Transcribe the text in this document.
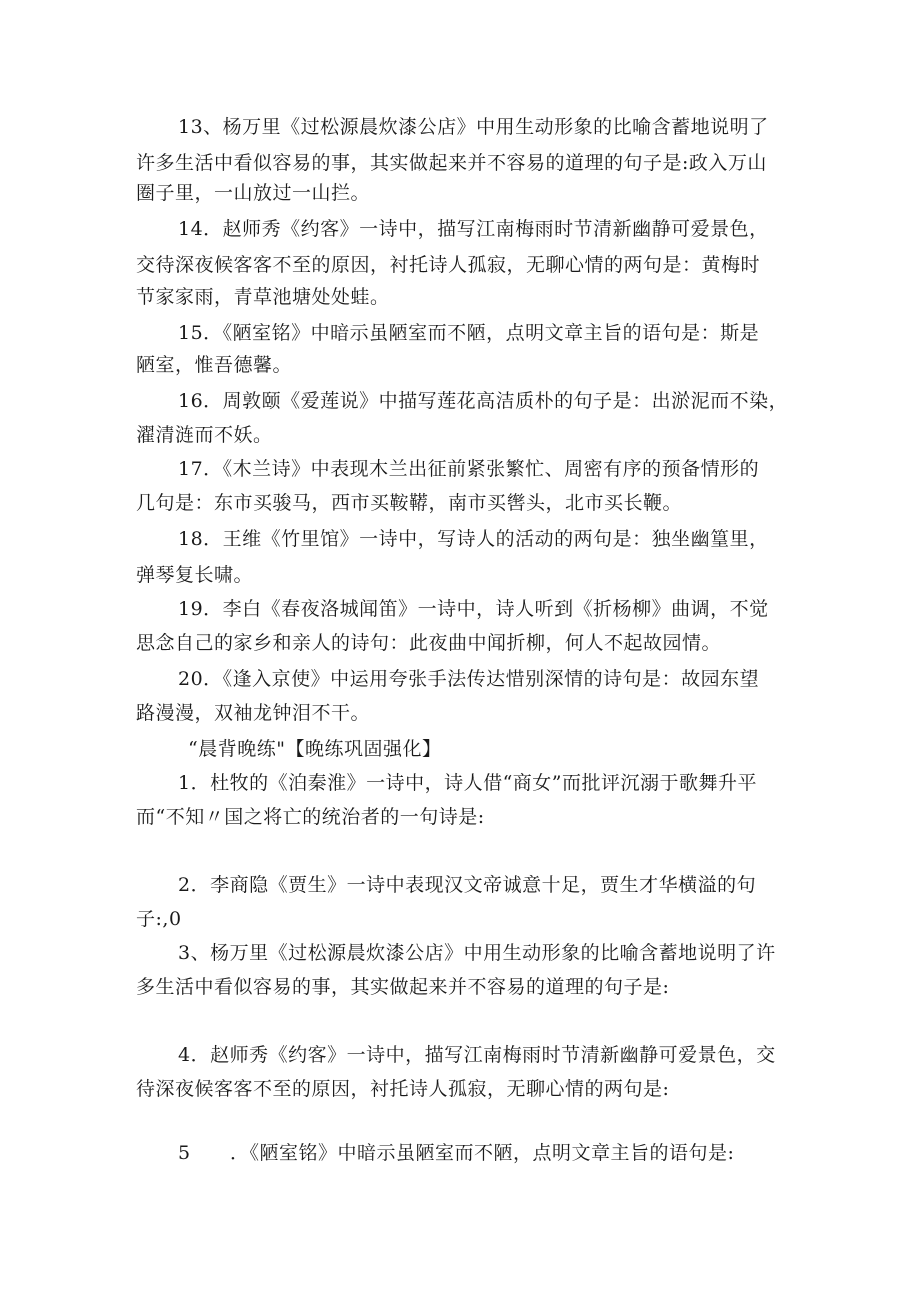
13、杨万里《过松源晨炊漆公店》中用生动形象的比喻含蓄地说明了
许多生活中看似容易的事，其实做起来并不容易的道理的句子是:政入万山
圈子里，一山放过一山拦。
14．赵师秀《约客》一诗中，描写江南梅雨时节清新幽静可爱景色，
交待深夜候客客不至的原因，衬托诗人孤寂，无聊心情的两句是：黄梅时
节家家雨，青草池塘处处蛙。
15．《陋室铭》中暗示虽陋室而不陋，点明文章主旨的语句是：斯是
陋室，惟吾德馨。
16．周敦颐《爱莲说》中描写莲花高洁质朴的句子是：出淤泥而不染，
濯清涟而不妖。
17．《木兰诗》中表现木兰出征前紧张繁忙、周密有序的预备情形的
几句是：东市买骏马，西市买鞍鞯，南市买辔头，北市买长鞭。
18．王维《竹里馆》一诗中，写诗人的活动的两句是：独坐幽篁里，
弹琴复长啸。
19．李白《春夜洛城闻笛》一诗中，诗人听到《折杨柳》曲调，不觉
思念自己的家乡和亲人的诗句：此夜曲中闻折柳，何人不起故园情。
20．《逢入京使》中运用夸张手法传达惜别深情的诗句是：故园东望
路漫漫，双袖龙钟泪不干。
“晨背晚练"【晚练巩固强化】
1．杜牧的《泊秦淮》一诗中，诗人借“商女”而批评沉溺于歌舞升平
而“不知〃国之将亡的统治者的一句诗是:
2．李商隐《贾生》一诗中表现汉文帝诚意十足，贾生才华横溢的句
子:,0
3、杨万里《过松源晨炊漆公店》中用生动形象的比喻含蓄地说明了许
多生活中看似容易的事，其实做起来并不容易的道理的句子是:
4．赵师秀《约客》一诗中，描写江南梅雨时节清新幽静可爱景色，交
待深夜候客客不至的原因，衬托诗人孤寂，无聊心情的两句是:
5 ．《陋室铭》中暗示虽陋室而不陋，点明文章主旨的语句是:
